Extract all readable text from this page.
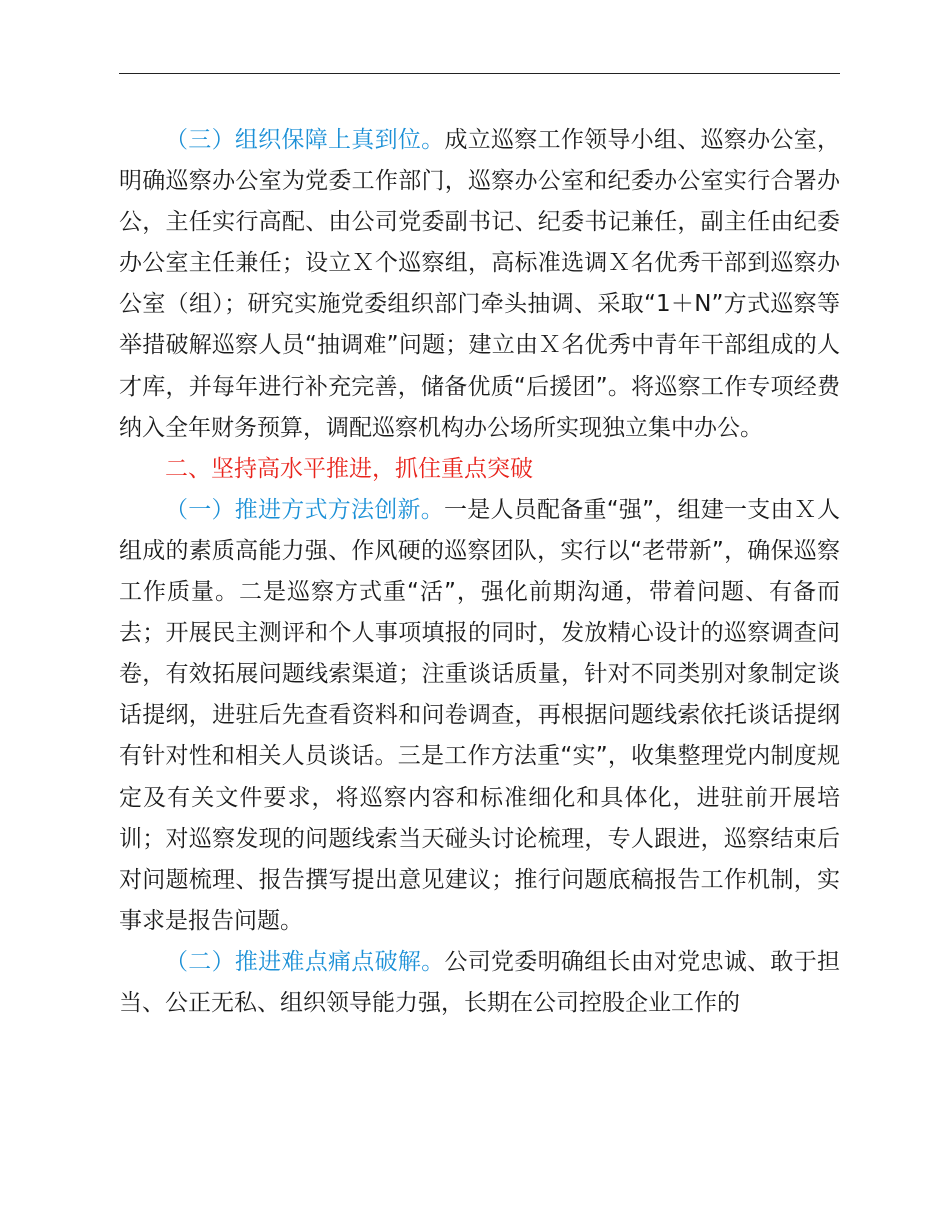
（三）组织保障上真到位。成立巡察工作领导小组、巡察办公室，明确巡察办公室为党委工作部门，巡察办公室和纪委办公室实行合署办公，主任实行高配、由公司党委副书记、纪委书记兼任，副主任由纪委办公室主任兼任；设立Ｘ个巡察组，高标准选调Ｘ名优秀干部到巡察办公室（组）；研究实施党委组织部门牵头抽调、采取“1＋N”方式巡察等举措破解巡察人员“抽调难”问题；建立由Ｘ名优秀中青年干部组成的人才库，并每年进行补充完善，储备优质“后援团”。将巡察工作专项经费纳入全年财务预算，调配巡察机构办公场所实现独立集中办公。

二、坚持高水平推进，抓住重点突破

（一）推进方式方法创新。一是人员配备重“强”，组建一支由Ｘ人组成的素质高能力强、作风硬的巡察团队，实行以“老带新”，确保巡察工作质量。二是巡察方式重“活”，强化前期沟通，带着问题、有备而去；开展民主测评和个人事项填报的同时，发放精心设计的巡察调查问卷，有效拓展问题线索渠道；注重谈话质量，针对不同类别对象制定谈话提纲，进驻后先查看资料和问卷调查，再根据问题线索依托谈话提纲有针对性和相关人员谈话。三是工作方法重“实”，收集整理党内制度规定及有关文件要求，将巡察内容和标准细化和具体化，进驻前开展培训；对巡察发现的问题线索当天碰头讨论梳理，专人跟进，巡察结束后对问题梳理、报告撰写提出意见建议；推行问题底稿报告工作机制，实事求是报告问题。

（二）推进难点痛点破解。公司党委明确组长由对党忠诚、敢于担当、公正无私、组织领导能力强，长期在公司控股企业工作的
